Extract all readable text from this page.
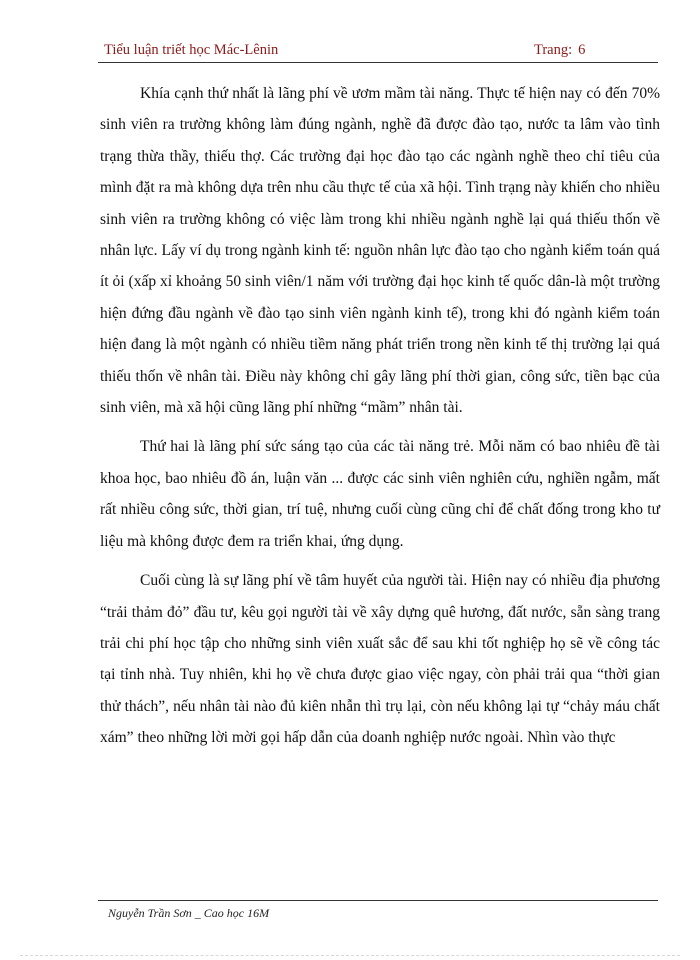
Tiểu luận triết học Mác-Lênin	Trang: 6

Khía cạnh thứ nhất là lãng phí về ươm mầm tài năng. Thực tế hiện nay có đến 70% sinh viên ra trường không làm đúng ngành, nghề đã được đào tạo, nước ta lâm vào tình trạng thừa thầy, thiếu thợ. Các trường đại học đào tạo các ngành nghề theo chỉ tiêu của mình đặt ra mà không dựa trên nhu cầu thực tế của xã hội. Tình trạng này khiến cho nhiều sinh viên ra trường không có việc làm trong khi nhiều ngành nghề lại quá thiếu thốn về nhân lực. Lấy ví dụ trong ngành kinh tế: nguồn nhân lực đào tạo cho ngành kiểm toán quá ít ỏi (xấp xỉ khoảng 50 sinh viên/1 năm với trường đại học kinh tế quốc dân-là một trường hiện đứng đầu ngành về đào tạo sinh viên ngành kinh tế), trong khi đó ngành kiểm toán hiện đang là một ngành có nhiều tiềm năng phát triển trong nền kinh tế thị trường lại quá thiếu thốn về nhân tài. Điều này không chỉ gây lãng phí thời gian, công sức, tiền bạc của sinh viên, mà xã hội cũng lãng phí những “mầm” nhân tài.

Thứ hai là lãng phí sức sáng tạo của các tài năng trẻ. Mỗi năm có bao nhiêu đề tài khoa học, bao nhiêu đồ án, luận văn ... được các sinh viên nghiên cứu, nghiền ngẫm, mất rất nhiều công sức, thời gian, trí tuệ, nhưng cuối cùng cũng chỉ để chất đống trong kho tư liệu mà không được đem ra triển khai, ứng dụng.

Cuối cùng là sự lãng phí về tâm huyết của người tài. Hiện nay có nhiều địa phương “trải thảm đỏ” đầu tư, kêu gọi người tài về xây dựng quê hương, đất nước, sẵn sàng trang trải chi phí học tập cho những sinh viên xuất sắc để sau khi tốt nghiệp họ sẽ về công tác tại tỉnh nhà. Tuy nhiên, khi họ về chưa được giao việc ngay, còn phải trải qua “thời gian thử thách”, nếu nhân tài nào đủ kiên nhẫn thì trụ lại, còn nếu không lại tự “chảy máu chất xám” theo những lời mời gọi hấp dẫn của doanh nghiệp nước ngoài. Nhìn vào thực

Nguyễn Trần Sơn _ Cao học 16M
